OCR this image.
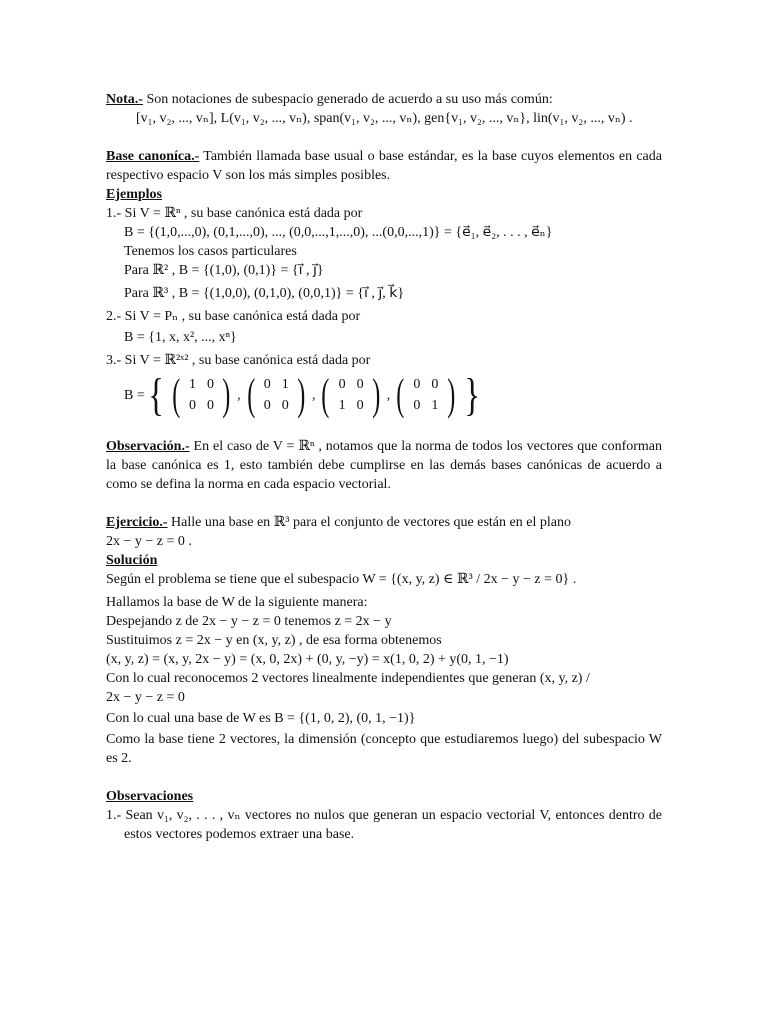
Nota.- Son notaciones de subespacio generado de acuerdo a su uso más común:

[v₁, v₂, ..., vₙ], L(v₁, v₂, ..., vₙ), span(v₁, v₂, ..., vₙ), gen{v₁, v₂, ..., vₙ}, lin(v₁, v₂, ..., vₙ) .

Base canoníca.- También llamada base usual o base estándar, es la base cuyos elementos en cada respectivo espacio V son los más simples posibles.

Ejemplos

1.- Si V = ℝⁿ , su base canónica está dada por

B = {(1,0,...,0), (0,1,...,0), ..., (0,0,...,1,...,0), ...(0,0,...,1)} = {e⃗₁, e⃗₂, . . . , e⃗ₙ}

Tenemos los casos particulares

Para ℝ² , B = {(1,0), (0,1)} = {i⃗ , j⃗}

Para ℝ³ , B = {(1,0,0), (0,1,0), (0,0,1)} = {i⃗ , j⃗, k⃗}

2.- Si V = Pₙ , su base canónica está dada por

B = {1, x, x², ..., xⁿ}

3.- Si V = ℝ²ˣ² , su base canónica está dada por

B = { ( 1 0
0 0 ) , ( 0 1
0 0 ) , ( 0 0
1 0 ) , ( 0 0
0 1 ) }

Observación.- En el caso de V = ℝⁿ , notamos que la norma de todos los vectores que conforman la base canónica es 1, esto también debe cumplirse en las demás bases canónicas de acuerdo a como se defina la norma en cada espacio vectorial.

Ejercicio.- Halle una base en ℝ³ para el conjunto de vectores que están en el plano

2x − y − z = 0 .

Solución

Según el problema se tiene que el subespacio W = {(x, y, z) ∈ ℝ³ / 2x − y − z = 0} .

Hallamos la base de W de la siguiente manera:

Despejando z de 2x − y − z = 0 tenemos z = 2x − y

Sustituimos z = 2x − y en (x, y, z) , de esa forma obtenemos

(x, y, z) = (x, y, 2x − y) = (x, 0, 2x) + (0, y, −y) = x(1, 0, 2) + y(0, 1, −1)

Con lo cual reconocemos 2 vectores linealmente independientes que generan (x, y, z) /

2x − y − z = 0

Con lo cual una base de W es B = {(1, 0, 2), (0, 1, −1)}

Como la base tiene 2 vectores, la dimensión (concepto que estudiaremos luego) del subespacio W es 2.

Observaciones

1.- Sean v₁, v₂, . . . , vₙ vectores no nulos que generan un espacio vectorial V, entonces dentro de estos vectores podemos extraer una base.
